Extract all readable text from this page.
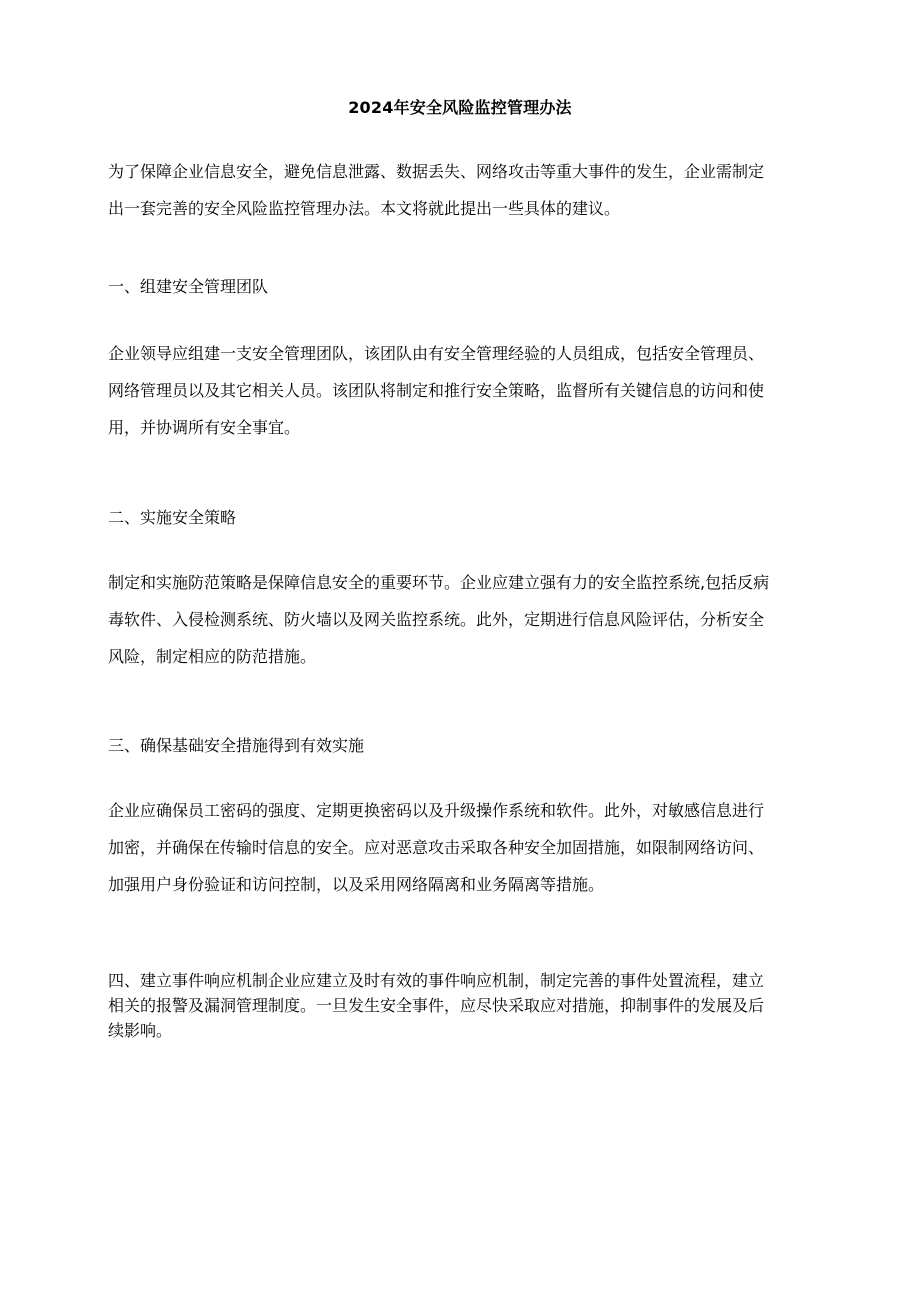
2024年安全风险监控管理办法
为了保障企业信息安全，避免信息泄露、数据丢失、网络攻击等重大事件的发生，企业需制定
出一套完善的安全风险监控管理办法。本文将就此提出一些具体的建议。
一、组建安全管理团队
企业领导应组建一支安全管理团队，该团队由有安全管理经验的人员组成，包括安全管理员、
网络管理员以及其它相关人员。该团队将制定和推行安全策略，监督所有关键信息的访问和使
用，并协调所有安全事宜。
二、实施安全策略
制定和实施防范策略是保障信息安全的重要环节。企业应建立强有力的安全监控系统,包括反病
毒软件、入侵检测系统、防火墙以及网关监控系统。此外，定期进行信息风险评估，分析安全
风险，制定相应的防范措施。
三、确保基础安全措施得到有效实施
企业应确保员工密码的强度、定期更换密码以及升级操作系统和软件。此外，对敏感信息进行
加密，并确保在传输时信息的安全。应对恶意攻击采取各种安全加固措施，如限制网络访问、
加强用户身份验证和访问控制，以及采用网络隔离和业务隔离等措施。
四、建立事件响应机制企业应建立及时有效的事件响应机制，制定完善的事件处置流程，建立
相关的报警及漏洞管理制度。一旦发生安全事件，应尽快采取应对措施，抑制事件的发展及后
续影响。
